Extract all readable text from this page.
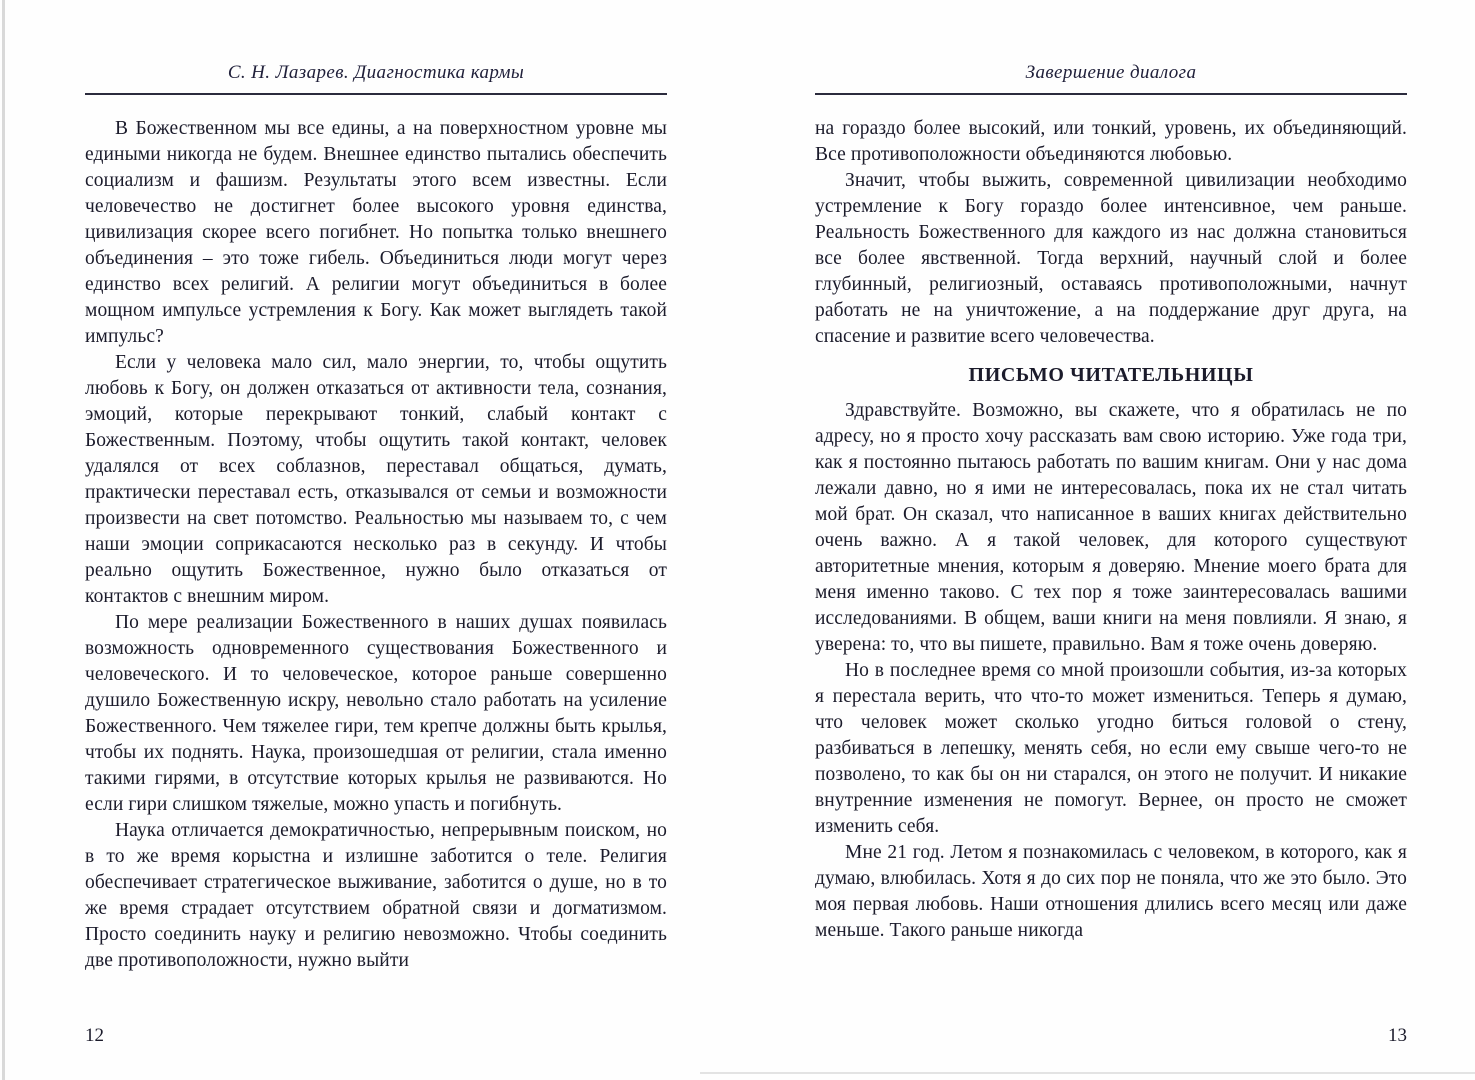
С. Н. Лазарев. Диагностика кармы

В Божественном мы все едины, а на поверхностном уровне мы едиными никогда не будем. Внешнее единство пытались обеспечить социализм и фашизм. Результаты этого всем известны. Если человечество не достигнет более высокого уровня единства, цивилизация скорее всего погибнет. Но попытка только внешнего объединения – это тоже гибель. Объединиться люди могут через единство всех религий. А религии могут объединиться в более мощном импульсе устремления к Богу. Как может выглядеть такой импульс?

Если у человека мало сил, мало энергии, то, чтобы ощутить любовь к Богу, он должен отказаться от активности тела, сознания, эмоций, которые перекрывают тонкий, слабый контакт с Божественным. Поэтому, чтобы ощутить такой контакт, человек удалялся от всех соблазнов, переставал общаться, думать, практически переставал есть, отказывался от семьи и возможности произвести на свет потомство. Реальностью мы называем то, с чем наши эмоции соприкасаются несколько раз в секунду. И чтобы реально ощутить Божественное, нужно было отказаться от контактов с внешним миром.

По мере реализации Божественного в наших душах появилась возможность одновременного существования Божественного и человеческого. И то человеческое, которое раньше совершенно душило Божественную искру, невольно стало работать на усиление Божественного. Чем тяжелее гири, тем крепче должны быть крылья, чтобы их поднять. Наука, произошедшая от религии, стала именно такими гирями, в отсутствие которых крылья не развиваются. Но если гири слишком тяжелые, можно упасть и погибнуть.

Наука отличается демократичностью, непрерывным поиском, но в то же время корыстна и излишне заботится о теле. Религия обеспечивает стратегическое выживание, заботится о душе, но в то же время страдает отсутствием обратной связи и догматизмом. Просто соединить науку и религию невозможно. Чтобы соединить две противоположности, нужно выйти

12
Завершение диалога

на гораздо более высокий, или тонкий, уровень, их объединяющий. Все противоположности объединяются любовью.

Значит, чтобы выжить, современной цивилизации необходимо устремление к Богу гораздо более интенсивное, чем раньше. Реальность Божественного для каждого из нас должна становиться все более явственной. Тогда верхний, научный слой и более глубинный, религиозный, оставаясь противоположными, начнут работать не на уничтожение, а на поддержание друг друга, на спасение и развитие всего человечества.

ПИСЬМО ЧИТАТЕЛЬНИЦЫ

Здравствуйте. Возможно, вы скажете, что я обратилась не по адресу, но я просто хочу рассказать вам свою историю. Уже года три, как я постоянно пытаюсь работать по вашим книгам. Они у нас дома лежали давно, но я ими не интересовалась, пока их не стал читать мой брат. Он сказал, что написанное в ваших книгах действительно очень важно. А я такой человек, для которого существуют авторитетные мнения, которым я доверяю. Мнение моего брата для меня именно таково. С тех пор я тоже заинтересовалась вашими исследованиями. В общем, ваши книги на меня повлияли. Я знаю, я уверена: то, что вы пишете, правильно. Вам я тоже очень доверяю.

Но в последнее время со мной произошли события, из-за которых я перестала верить, что что-то может измениться. Теперь я думаю, что человек может сколько угодно биться головой о стену, разбиваться в лепешку, менять себя, но если ему свыше чего-то не позволено, то как бы он ни старался, он этого не получит. И никакие внутренние изменения не помогут. Вернее, он просто не сможет изменить себя.

Мне 21 год. Летом я познакомилась с человеком, в которого, как я думаю, влюбилась. Хотя я до сих пор не поняла, что же это было. Это моя первая любовь. Наши отношения длились всего месяц или даже меньше. Такого раньше никогда

13
